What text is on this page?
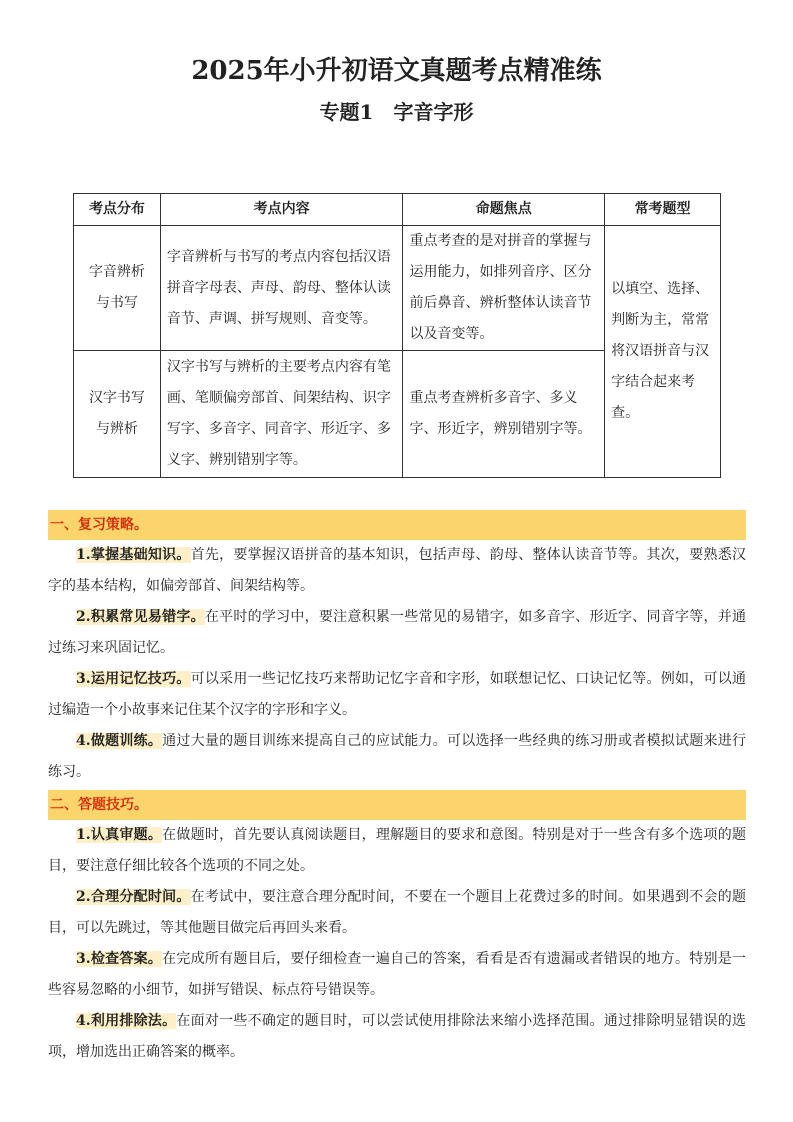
2025年小升初语文真题考点精准练
专题1　字音字形
考点分布	考点内容	命题焦点	常考题型
字音辨析与书写	字音辨析与书写的考点内容包括汉语拼音字母表、声母、韵母、整体认读音节、声调、拼写规则、音变等。	重点考查的是对拼音的掌握与运用能力，如排列音序、区分前后鼻音、辨析整体认读音节以及音变等。	以填空、选择、判断为主，常常将汉语拼音与汉字结合起来考查。
汉字书写与辨析	汉字书写与辨析的主要考点内容有笔画、笔顺偏旁部首、间架结构、识字写字、多音字、同音字、形近字、多义字、辨别错别字等。	重点考查辨析多音字、多义字、形近字，辨别错别字等。	
一、复习策略。
1.掌握基础知识。首先，要掌握汉语拼音的基本知识，包括声母、韵母、整体认读音节等。其次，要熟悉汉字的基本结构，如偏旁部首、间架结构等。
2.积累常见易错字。在平时的学习中，要注意积累一些常见的易错字，如多音字、形近字、同音字等，并通过练习来巩固记忆。
3.运用记忆技巧。可以采用一些记忆技巧来帮助记忆字音和字形，如联想记忆、口诀记忆等。例如，可以通过编造一个小故事来记住某个汉字的字形和字义。
4.做题训练。通过大量的题目训练来提高自己的应试能力。可以选择一些经典的练习册或者模拟试题来进行练习。
二、答题技巧。
1.认真审题。在做题时，首先要认真阅读题目，理解题目的要求和意图。特别是对于一些含有多个选项的题目，要注意仔细比较各个选项的不同之处。
2.合理分配时间。在考试中，要注意合理分配时间，不要在一个题目上花费过多的时间。如果遇到不会的题目，可以先跳过，等其他题目做完后再回头来看。
3.检查答案。在完成所有题目后，要仔细检查一遍自己的答案，看看是否有遗漏或者错误的地方。特别是一些容易忽略的小细节，如拼写错误、标点符号错误等。
4.利用排除法。在面对一些不确定的题目时，可以尝试使用排除法来缩小选择范围。通过排除明显错误的选项，增加选出正确答案的概率。
